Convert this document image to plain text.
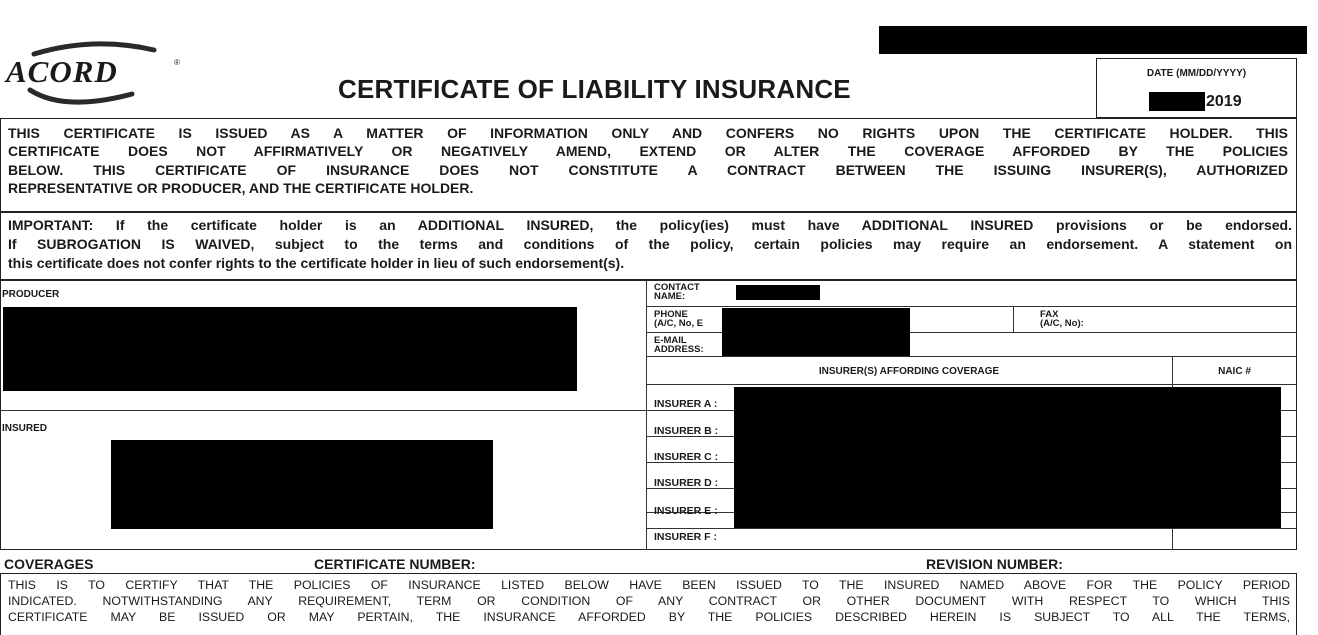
ACORD	®
CERTIFICATE OF LIABILITY INSURANCE
DATE (MM/DD/YYYY)
2019
THIS CERTIFICATE IS ISSUED AS A MATTER OF INFORMATION ONLY AND CONFERS NO RIGHTS UPON THE CERTIFICATE HOLDER. THIS
CERTIFICATE DOES NOT AFFIRMATIVELY OR NEGATIVELY AMEND, EXTEND OR ALTER THE COVERAGE AFFORDED BY THE POLICIES
BELOW. THIS CERTIFICATE OF INSURANCE DOES NOT CONSTITUTE A CONTRACT BETWEEN THE ISSUING INSURER(S), AUTHORIZED
REPRESENTATIVE OR PRODUCER, AND THE CERTIFICATE HOLDER.
IMPORTANT: If the certificate holder is an ADDITIONAL INSURED, the policy(ies) must have ADDITIONAL INSURED provisions or be endorsed.
If SUBROGATION IS WAIVED, subject to the terms and conditions of the policy, certain policies may require an endorsement. A statement on
this certificate does not confer rights to the certificate holder in lieu of such endorsement(s).
PRODUCER
INSURED
CONTACT
NAME:
PHONE
(A/C, No, E
FAX
(A/C, No):
E-MAIL
ADDRESS:
INSURER(S) AFFORDING COVERAGE	NAIC #
INSURER A :
INSURER B :
INSURER C :
INSURER D :
INSURER E :
INSURER F :
COVERAGES	CERTIFICATE NUMBER:	REVISION NUMBER:
THIS IS TO CERTIFY THAT THE POLICIES OF INSURANCE LISTED BELOW HAVE BEEN ISSUED TO THE INSURED NAMED ABOVE FOR THE POLICY PERIOD
INDICATED. NOTWITHSTANDING ANY REQUIREMENT, TERM OR CONDITION OF ANY CONTRACT OR OTHER DOCUMENT WITH RESPECT TO WHICH THIS
CERTIFICATE MAY BE ISSUED OR MAY PERTAIN, THE INSURANCE AFFORDED BY THE POLICIES DESCRIBED HEREIN IS SUBJECT TO ALL THE TERMS,
